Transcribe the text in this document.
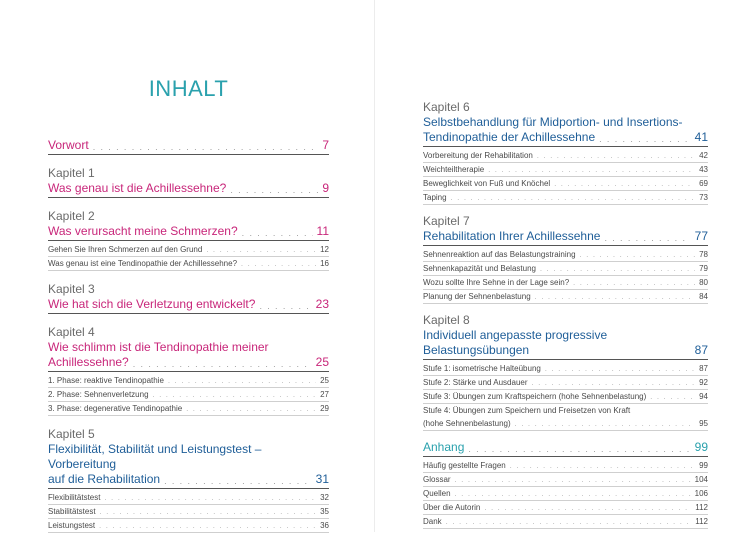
INHALT
Vorwort . . .	7
Kapitel 1
Was genau ist die Achillessehne? . . .	9
Kapitel 2
Was verursacht meine Schmerzen? . . .	11
Gehen Sie Ihren Schmerzen auf den Grund . . .	12
Was genau ist eine Tendinopathie der Achillessehne? . . .	16
Kapitel 3
Wie hat sich die Verletzung entwickelt? . . .	23
Kapitel 4
Wie schlimm ist die Tendinopathie meiner
Achillessehne? . . .	25
1. Phase: reaktive Tendinopathie . . .	25
2. Phase: Sehnenverletzung . . .	27
3. Phase: degenerative Tendinopathie . . .	29
Kapitel 5
Flexibilität, Stabilität und Leistungstest – Vorbereitung
auf die Rehabilitation . . .	31
Flexibilitätstest . . .	32
Stabilitätstest . . .	35
Leistungstest . . .	36
Kapitel 6
Selbstbehandlung für Midportion- und Insertions-
Tendinopathie der Achillessehne . . .	41
Vorbereitung der Rehabilitation . . .	42
Weichteiltherapie . . .	43
Beweglichkeit von Fuß und Knöchel . . .	69
Taping . . .	73
Kapitel 7
Rehabilitation Ihrer Achillessehne . . .	77
Sehnenreaktion auf das Belastungstraining . . .	78
Sehnenkapazität und Belastung . . .	79
Wozu sollte Ihre Sehne in der Lage sein? . . .	80
Planung der Sehnenbelastung . . .	84
Kapitel 8
Individuell angepasste progressive Belastungsübungen	87
Stufe 1: isometrische Halteübung . . .	87
Stufe 2: Stärke und Ausdauer . . .	92
Stufe 3: Übungen zum Kraftspeichern (hohe Sehnenbelastung) . . .	94
Stufe 4: Übungen zum Speichern und Freisetzen von Kraft
(hohe Sehnenbelastung) . . .	95
Anhang . . .	99
Häufig gestellte Fragen . . .	99
Glossar . . .	104
Quellen . . .	106
Über die Autorin . . .	112
Dank . . .	112
